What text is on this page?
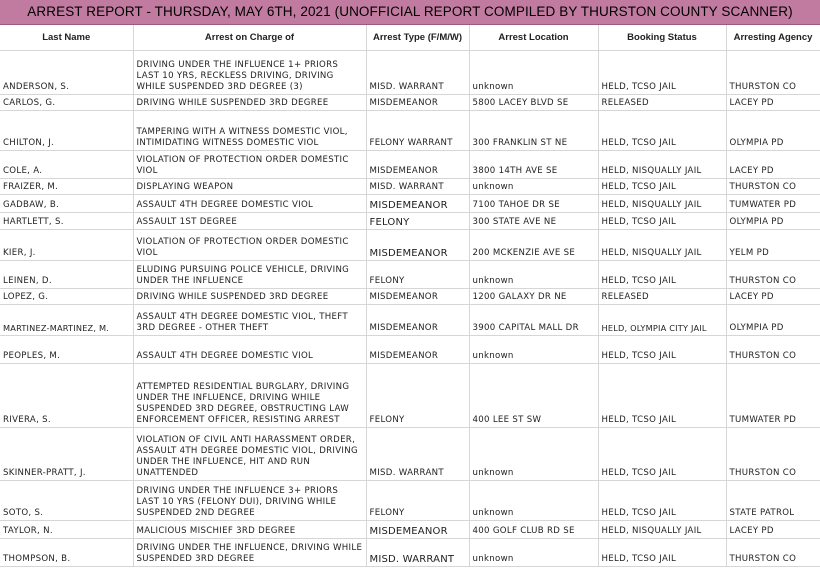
ARREST REPORT - THURSDAY, MAY 6TH, 2021 (UNOFFICIAL REPORT COMPILED BY THURSTON COUNTY SCANNER)
Last Name	Arrest on Charge of	Arrest Type (F/M/W)	Arrest Location	Booking Status	Arresting Agency
ANDERSON, S.	DRIVING UNDER THE INFLUENCE 1+ PRIORS LAST 10 YRS, RECKLESS DRIVING, DRIVING WHILE SUSPENDED 3RD DEGREE (3)	MISD. WARRANT	unknown	HELD, TCSO JAIL	THURSTON CO
CARLOS, G.	DRIVING WHILE SUSPENDED 3RD DEGREE	MISDEMEANOR	5800 LACEY BLVD SE	RELEASED	LACEY PD
CHILTON, J.	TAMPERING WITH A WITNESS DOMESTIC VIOL, INTIMIDATING WITNESS DOMESTIC VIOL	FELONY WARRANT	300 FRANKLIN ST NE	HELD, TCSO JAIL	OLYMPIA PD
COLE, A.	VIOLATION OF PROTECTION ORDER DOMESTIC VIOL	MISDEMEANOR	3800 14TH AVE SE	HELD, NISQUALLY JAIL	LACEY PD
FRAIZER, M.	DISPLAYING WEAPON	MISD. WARRANT	unknown	HELD, TCSO JAIL	THURSTON CO
GADBAW, B.	ASSAULT 4TH DEGREE DOMESTIC VIOL	MISDEMEANOR	7100 TAHOE DR SE	HELD, NISQUALLY JAIL	TUMWATER PD
HARTLETT, S.	ASSAULT 1ST DEGREE	FELONY	300 STATE AVE NE	HELD, TCSO JAIL	OLYMPIA PD
KIER, J.	VIOLATION OF PROTECTION ORDER DOMESTIC VIOL	MISDEMEANOR	200 MCKENZIE AVE SE	HELD, NISQUALLY JAIL	YELM PD
LEINEN, D.	ELUDING PURSUING POLICE VEHICLE, DRIVING UNDER THE INFLUENCE	FELONY	unknown	HELD, TCSO JAIL	THURSTON CO
LOPEZ, G.	DRIVING WHILE SUSPENDED 3RD DEGREE	MISDEMEANOR	1200 GALAXY DR NE	RELEASED	LACEY PD
MARTINEZ-MARTINEZ, M.	ASSAULT 4TH DEGREE DOMESTIC VIOL, THEFT 3RD DEGREE - OTHER THEFT	MISDEMEANOR	3900 CAPITAL MALL DR	HELD, OLYMPIA CITY JAIL	OLYMPIA PD
PEOPLES, M.	ASSAULT 4TH DEGREE DOMESTIC VIOL	MISDEMEANOR	unknown	HELD, TCSO JAIL	THURSTON CO
RIVERA, S.	ATTEMPTED RESIDENTIAL BURGLARY, DRIVING UNDER THE INFLUENCE, DRIVING WHILE SUSPENDED 3RD DEGREE, OBSTRUCTING LAW ENFORCEMENT OFFICER, RESISTING ARREST	FELONY	400 LEE ST SW	HELD, TCSO JAIL	TUMWATER PD
SKINNER-PRATT, J.	VIOLATION OF CIVIL ANTI HARASSMENT ORDER, ASSAULT 4TH DEGREE DOMESTIC VIOL, DRIVING UNDER THE INFLUENCE, HIT AND RUN UNATTENDED	MISD. WARRANT	unknown	HELD, TCSO JAIL	THURSTON CO
SOTO, S.	DRIVING UNDER THE INFLUENCE 3+ PRIORS LAST 10 YRS (FELONY DUI), DRIVING WHILE SUSPENDED 2ND DEGREE	FELONY	unknown	HELD, TCSO JAIL	STATE PATROL
TAYLOR, N.	MALICIOUS MISCHIEF 3RD DEGREE	MISDEMEANOR	400 GOLF CLUB RD SE	HELD, NISQUALLY JAIL	LACEY PD
THOMPSON, B.	DRIVING UNDER THE INFLUENCE, DRIVING WHILE SUSPENDED 3RD DEGREE	MISD. WARRANT	unknown	HELD, TCSO JAIL	THURSTON CO
